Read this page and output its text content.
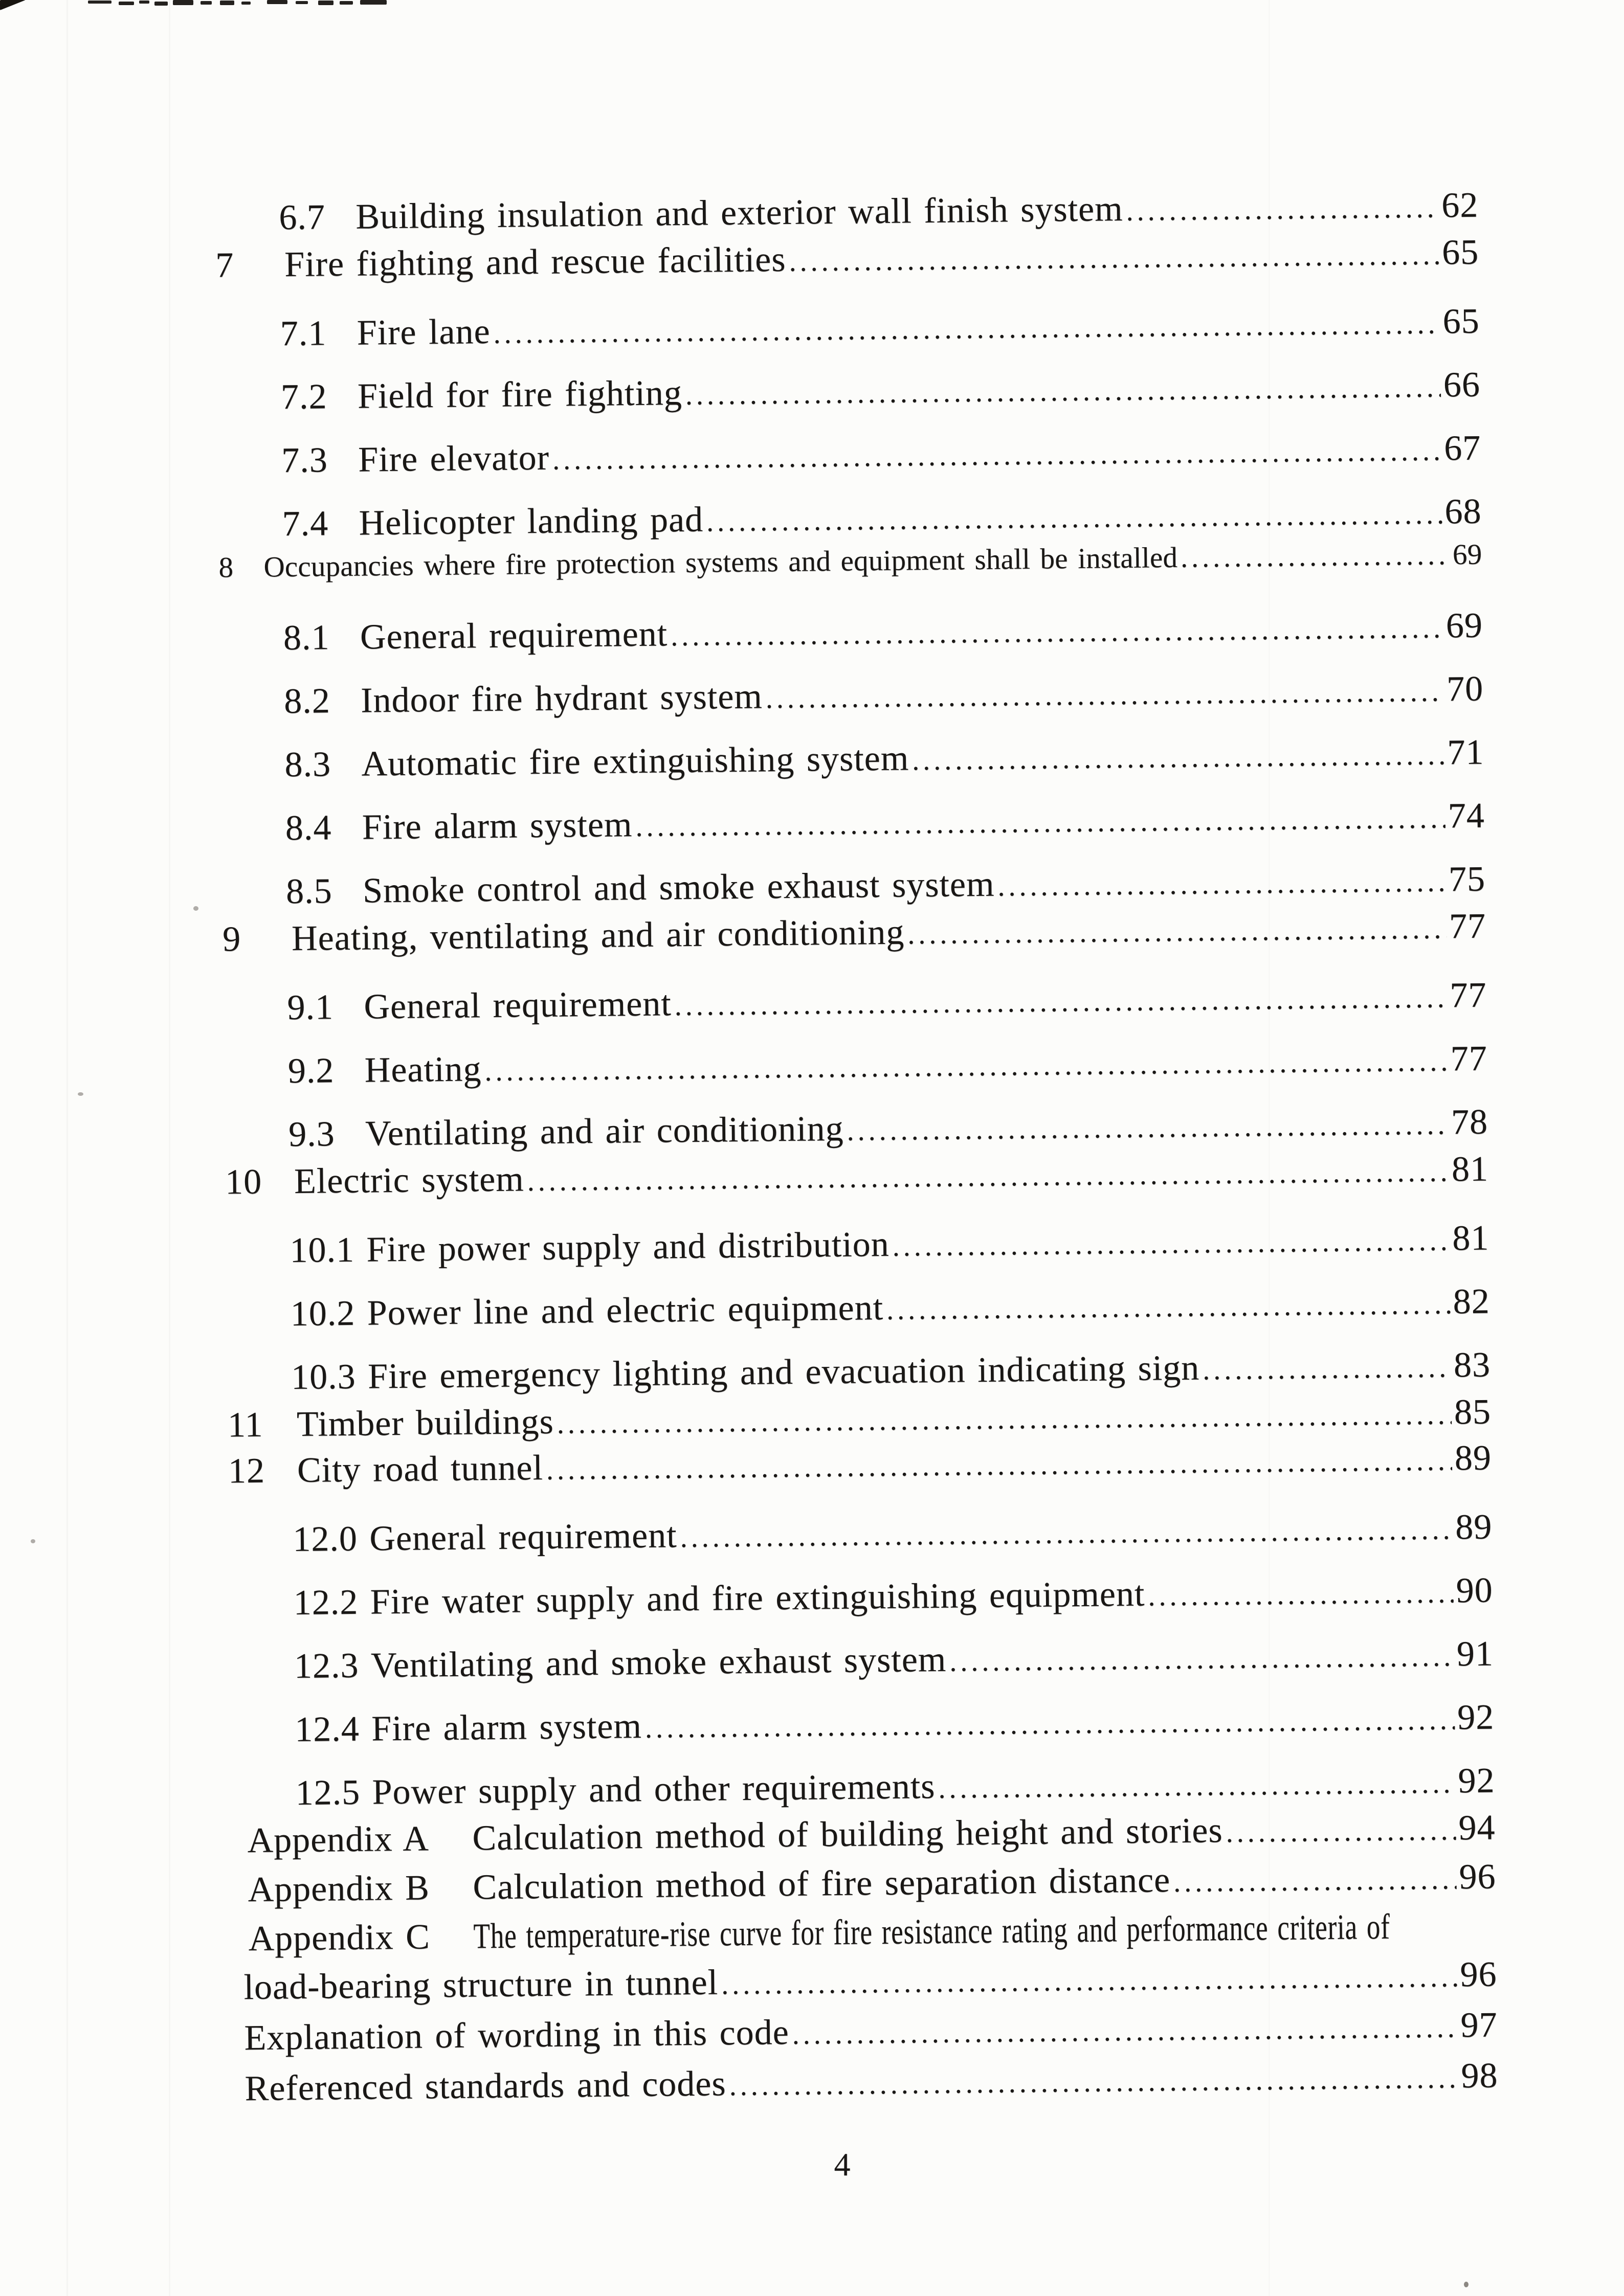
6.7 Building insulation and exterior wall finish system .....	62
7	Fire fighting and rescue facilities .....	65
7.1 Fire lane .....	65
7.2 Field for fire fighting .....	66
7.3 Fire elevator .....	67
7.4 Helicopter landing pad .....	68
8	Occupancies where fire protection systems and equipment shall be installed .....	69
8.1 General requirement .....	69
8.2 Indoor fire hydrant system .....	70
8.3 Automatic fire extinguishing system .....	71
8.4 Fire alarm system .....	74
8.5 Smoke control and smoke exhaust system .....	75
9	Heating, ventilating and air conditioning .....	77
9.1 General requirement .....	77
9.2 Heating .....	77
9.3 Ventilating and air conditioning .....	78
10 Electric system .....	81
10.1 Fire power supply and distribution .....	81
10.2 Power line and electric equipment .....	82
10.3 Fire emergency lighting and evacuation indicating sign .....	83
11 Timber buildings .....	85
12 City road tunnel .....	89
12.0 General requirement .....	89
12.2 Fire water supply and fire extinguishing equipment .....	90
12.3 Ventilating and smoke exhaust system .....	91
12.4 Fire alarm system .....	92
12.5 Power supply and other requirements .....	92
Appendix A	Calculation method of building height and stories .....	94
Appendix B	Calculation method of fire separation distance .....	96
Appendix C	The temperature-rise curve for fire resistance rating and performance criteria of
load-bearing structure in tunnel .....	96
Explanation of wording in this code .....	97
Referenced standards and codes .....	98
4
